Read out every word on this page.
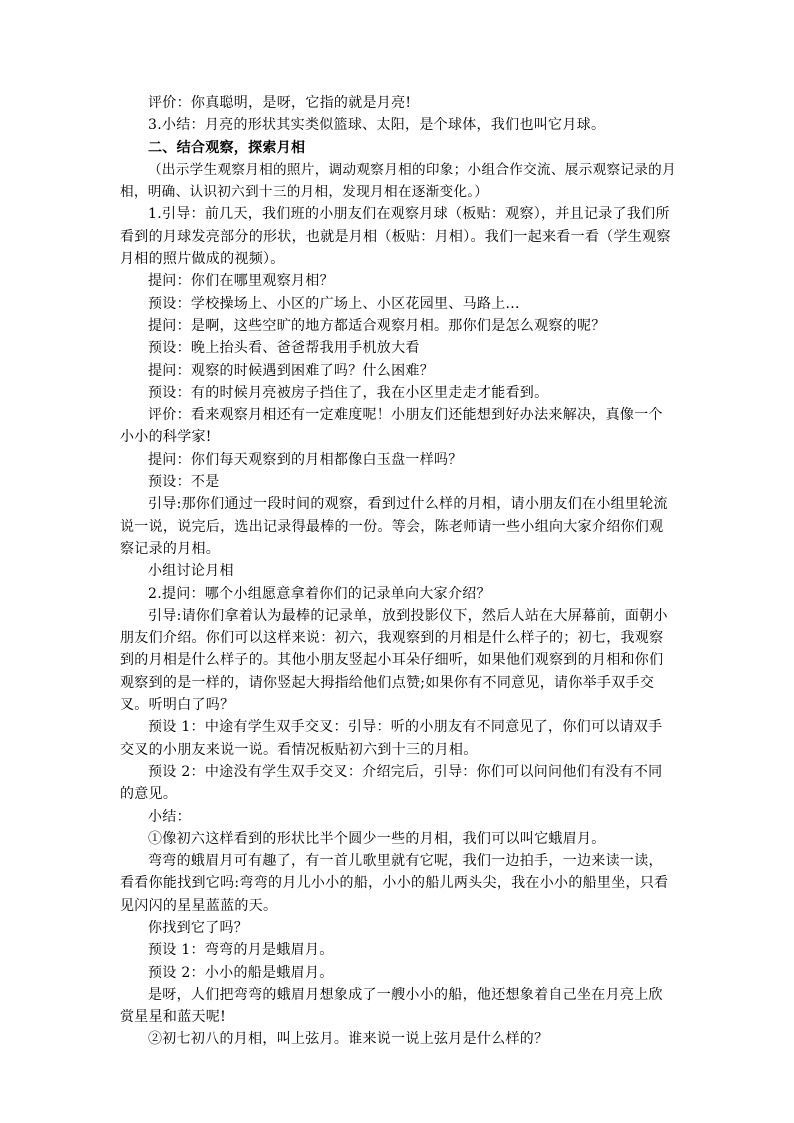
评价：你真聪明，是呀，它指的就是月亮!

3.小结：月亮的形状其实类似篮球、太阳，是个球体，我们也叫它月球。

二、结合观察，探索月相

（出示学生观察月相的照片，调动观察月相的印象；小组合作交流、展示观察记录的月相，明确、认识初六到十三的月相，发现月相在逐渐变化。）

1.引导：前几天，我们班的小朋友们在观察月球（板贴：观察），并且记录了我们所看到的月球发亮部分的形状，也就是月相（板贴：月相）。我们一起来看一看（学生观察月相的照片做成的视频）。

提问：你们在哪里观察月相？

预设：学校操场上、小区的广场上、小区花园里、马路上...

提问：是啊，这些空旷的地方都适合观察月相。那你们是怎么观察的呢？

预设：晚上抬头看、爸爸帮我用手机放大看

提问：观察的时候遇到困难了吗？什么困难？

预设：有的时候月亮被房子挡住了，我在小区里走走才能看到。

评价：看来观察月相还有一定难度呢！小朋友们还能想到好办法来解决，真像一个小小的科学家!

提问：你们每天观察到的月相都像白玉盘一样吗？

预设：不是

引导:那你们通过一段时间的观察，看到过什么样的月相，请小朋友们在小组里轮流说一说，说完后，选出记录得最棒的一份。等会，陈老师请一些小组向大家介绍你们观察记录的月相。

小组讨论月相

2.提问：哪个小组愿意拿着你们的记录单向大家介绍？

引导:请你们拿着认为最棒的记录单，放到投影仪下，然后人站在大屏幕前，面朝小朋友们介绍。你们可以这样来说：初六，我观察到的月相是什么样子的；初七，我观察到的月相是什么样子的。其他小朋友竖起小耳朵仔细听，如果他们观察到的月相和你们观察到的是一样的，请你竖起大拇指给他们点赞;如果你有不同意见，请你举手双手交叉。听明白了吗？

预设 1：中途有学生双手交叉：引导：听的小朋友有不同意见了，你们可以请双手交叉的小朋友来说一说。看情况板贴初六到十三的月相。

预设 2：中途没有学生双手交叉：介绍完后，引导：你们可以问问他们有没有不同的意见。

小结：

①像初六这样看到的形状比半个圆少一些的月相，我们可以叫它蛾眉月。

弯弯的蛾眉月可有趣了，有一首儿歌里就有它呢，我们一边拍手，一边来读一读，看看你能找到它吗:弯弯的月儿小小的船，小小的船儿两头尖，我在小小的船里坐，只看见闪闪的星星蓝蓝的天。

你找到它了吗？

预设 1：弯弯的月是蛾眉月。

预设 2：小小的船是蛾眉月。

是呀，人们把弯弯的蛾眉月想象成了一艘小小的船，他还想象着自己坐在月亮上欣赏星星和蓝天呢!

②初七初八的月相，叫上弦月。谁来说一说上弦月是什么样的？
